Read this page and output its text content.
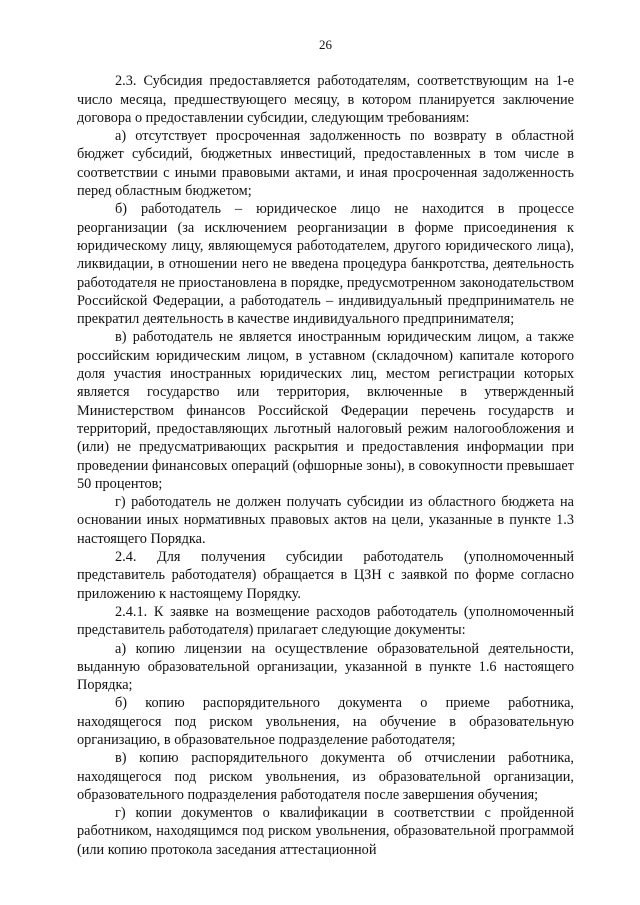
26

2.3. Субсидия предоставляется работодателям, соответствующим на 1-е число месяца, предшествующего месяцу, в котором планируется заключение договора о предоставлении субсидии, следующим требованиям:

а) отсутствует просроченная задолженность по возврату в областной бюджет субсидий, бюджетных инвестиций, предоставленных в том числе в соответствии с иными правовыми актами, и иная просроченная задолженность перед областным бюджетом;

б) работодатель – юридическое лицо не находится в процессе реорганизации (за исключением реорганизации в форме присоединения к юридическому лицу, являющемуся работодателем, другого юридического лица), ликвидации, в отношении него не введена процедура банкротства, деятельность работодателя не приостановлена в порядке, предусмотренном законодательством Российской Федерации, а работодатель – индивидуальный предприниматель не прекратил деятельность в качестве индивидуального предпринимателя;

в) работодатель не является иностранным юридическим лицом, а также российским юридическим лицом, в уставном (складочном) капитале которого доля участия иностранных юридических лиц, местом регистрации которых является государство или территория, включенные в утвержденный Министерством финансов Российской Федерации перечень государств и территорий, предоставляющих льготный налоговый режим налогообложения и (или) не предусматривающих раскрытия и предоставления информации при проведении финансовых операций (офшорные зоны), в совокупности превышает 50 процентов;

г) работодатель не должен получать субсидии из областного бюджета на основании иных нормативных правовых актов на цели, указанные в пункте 1.3 настоящего Порядка.

2.4. Для получения субсидии работодатель (уполномоченный представитель работодателя) обращается в ЦЗН с заявкой по форме согласно приложению к настоящему Порядку.

2.4.1. К заявке на возмещение расходов работодатель (уполномоченный представитель работодателя) прилагает следующие документы:

а) копию лицензии на осуществление образовательной деятельности, выданную образовательной организации, указанной в пункте 1.6 настоящего Порядка;

б) копию распорядительного документа о приеме работника, находящегося под риском увольнения, на обучение в образовательную организацию, в образовательное подразделение работодателя;

в) копию распорядительного документа об отчислении работника, находящегося под риском увольнения, из образовательной организации, образовательного подразделения работодателя после завершения обучения;

г) копии документов о квалификации в соответствии с пройденной работником, находящимся под риском увольнения, образовательной программой (или копию протокола заседания аттестационной
